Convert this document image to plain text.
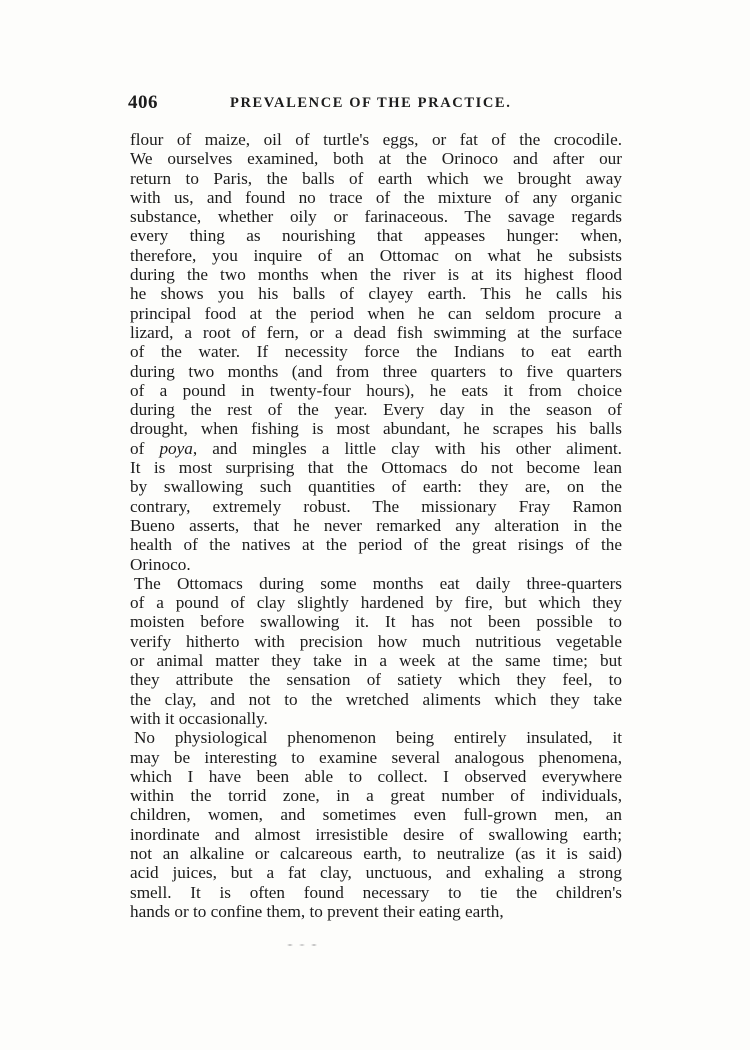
406	PREVALENCE OF THE PRACTICE.
flour of maize, oil of turtle's eggs, or fat of the crocodile.
We ourselves examined, both at the Orinoco and after our
return to Paris, the balls of earth which we brought away
with us, and found no trace of the mixture of any organic
substance, whether oily or farinaceous. The savage regards
every thing as nourishing that appeases hunger: when,
therefore, you inquire of an Ottomac on what he subsists
during the two months when the river is at its highest flood
he shows you his balls of clayey earth. This he calls his
principal food at the period when he can seldom procure a
lizard, a root of fern, or a dead fish swimming at the surface
of the water. If necessity force the Indians to eat earth
during two months (and from three quarters to five quarters
of a pound in twenty-four hours), he eats it from choice
during the rest of the year. Every day in the season of
drought, when fishing is most abundant, he scrapes his balls
of poya, and mingles a little clay with his other aliment.
It is most surprising that the Ottomacs do not become lean
by swallowing such quantities of earth: they are, on the
contrary, extremely robust. The missionary Fray Ramon
Bueno asserts, that he never remarked any alteration in the
health of the natives at the period of the great risings of the
Orinoco.
The Ottomacs during some months eat daily three-quarters
of a pound of clay slightly hardened by fire, but which they
moisten before swallowing it. It has not been possible to
verify hitherto with precision how much nutritious vegetable
or animal matter they take in a week at the same time; but
they attribute the sensation of satiety which they feel, to
the clay, and not to the wretched aliments which they take
with it occasionally.
No physiological phenomenon being entirely insulated, it
may be interesting to examine several analogous phenomena,
which I have been able to collect. I observed everywhere
within the torrid zone, in a great number of individuals,
children, women, and sometimes even full-grown men, an
inordinate and almost irresistible desire of swallowing earth;
not an alkaline or calcareous earth, to neutralize (as it is said)
acid juices, but a fat clay, unctuous, and exhaling a strong
smell. It is often found necessary to tie the children's
hands or to confine them, to prevent their eating earth,
